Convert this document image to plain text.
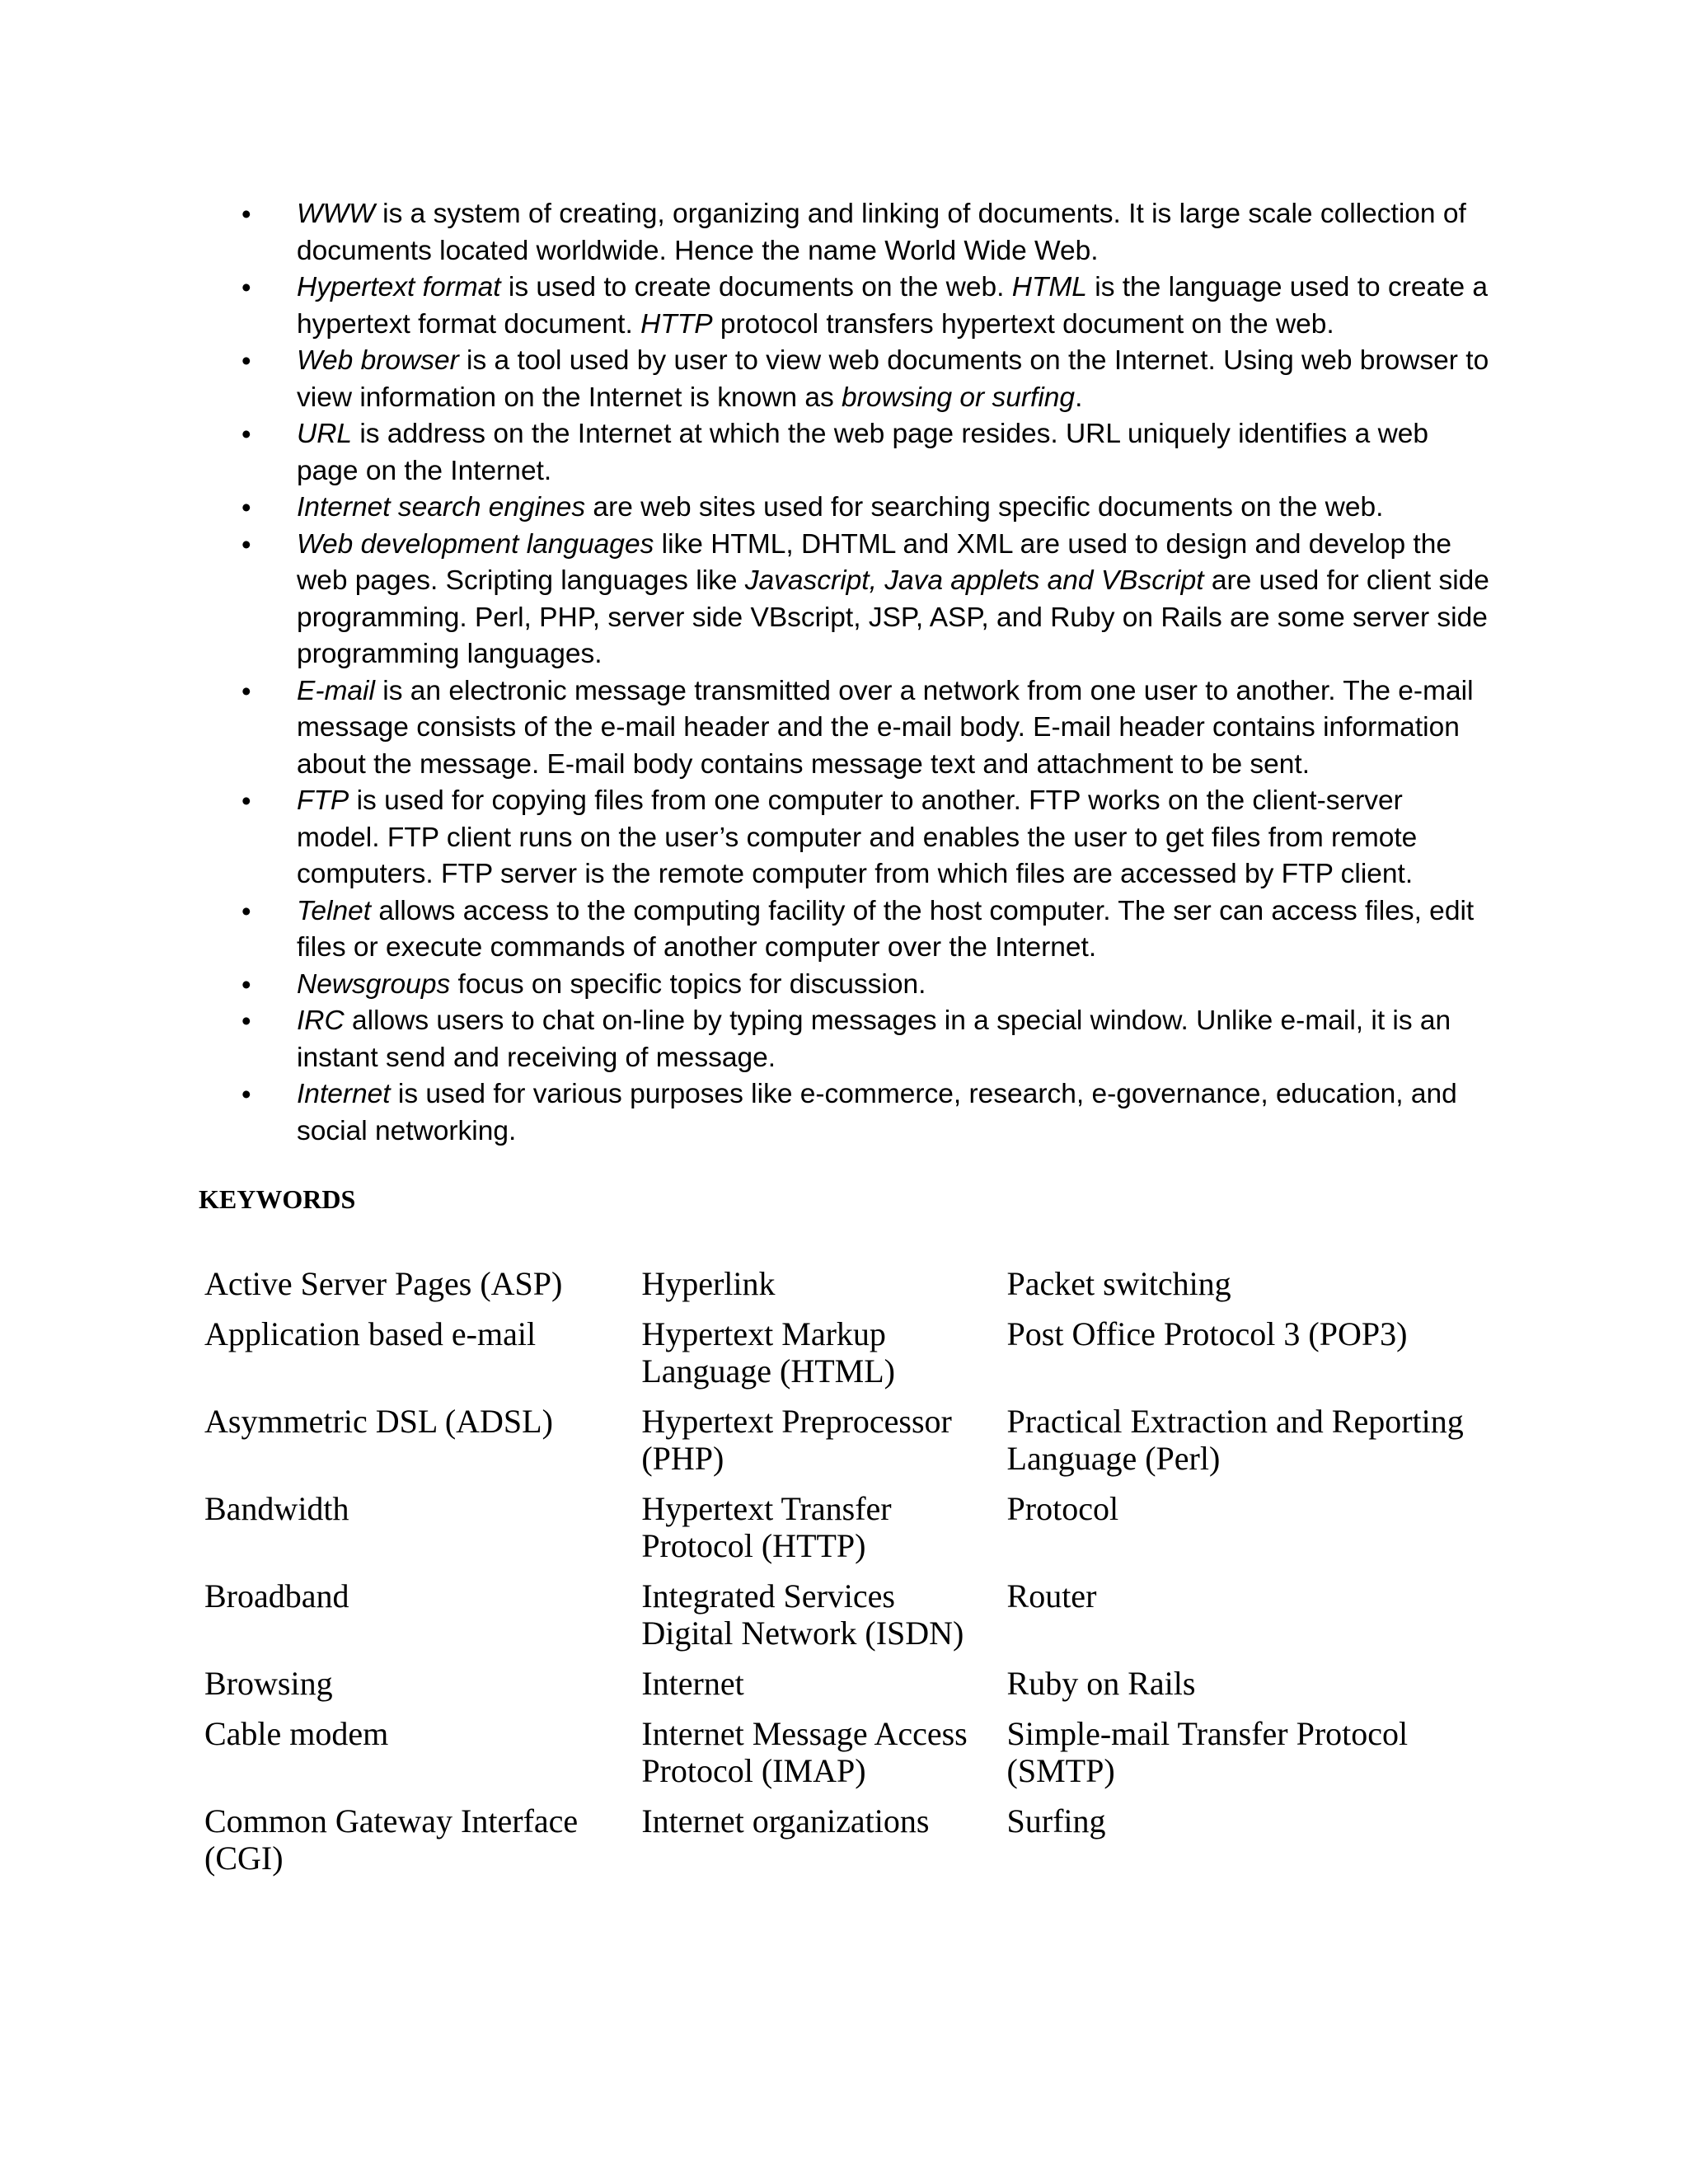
• WWW is a system of creating, organizing and linking of documents. It is large scale collection of documents located worldwide. Hence the name World Wide Web.
• Hypertext format is used to create documents on the web. HTML is the language used to create a hypertext format document. HTTP protocol transfers hypertext document on the web.
• Web browser is a tool used by user to view web documents on the Internet. Using web browser to view information on the Internet is known as browsing or surfing.
• URL is address on the Internet at which the web page resides. URL uniquely identifies a web page on the Internet.
• Internet search engines are web sites used for searching specific documents on the web.
• Web development languages like HTML, DHTML and XML are used to design and develop the web pages. Scripting languages like Javascript, Java applets and VBscript are used for client side programming. Perl, PHP, server side VBscript, JSP, ASP, and Ruby on Rails are some server side programming languages.
• E-mail is an electronic message transmitted over a network from one user to another. The e-mail message consists of the e-mail header and the e-mail body. E-mail header contains information about the message. E-mail body contains message text and attachment to be sent.
• FTP is used for copying files from one computer to another. FTP works on the client-server model. FTP client runs on the user’s computer and enables the user to get files from remote computers. FTP server is the remote computer from which files are accessed by FTP client.
• Telnet allows access to the computing facility of the host computer. The ser can access files, edit files or execute commands of another computer over the Internet.
• Newsgroups focus on specific topics for discussion.
• IRC allows users to chat on-line by typing messages in a special window. Unlike e-mail, it is an instant send and receiving of message.
• Internet is used for various purposes like e-commerce, research, e-governance, education, and social networking.
KEYWORDS
Active Server Pages (ASP)	Hyperlink	Packet switching
Application based e-mail	Hypertext Markup Language (HTML)	Post Office Protocol 3 (POP3)
Asymmetric DSL (ADSL)	Hypertext Preprocessor (PHP)	Practical Extraction and Reporting Language (Perl)
Bandwidth	Hypertext Transfer Protocol (HTTP)	Protocol
Broadband	Integrated Services Digital Network (ISDN)	Router
Browsing	Internet	Ruby on Rails
Cable modem	Internet Message Access Protocol (IMAP)	Simple-mail Transfer Protocol (SMTP)
Common Gateway Interface (CGI)	Internet organizations	Surfing
